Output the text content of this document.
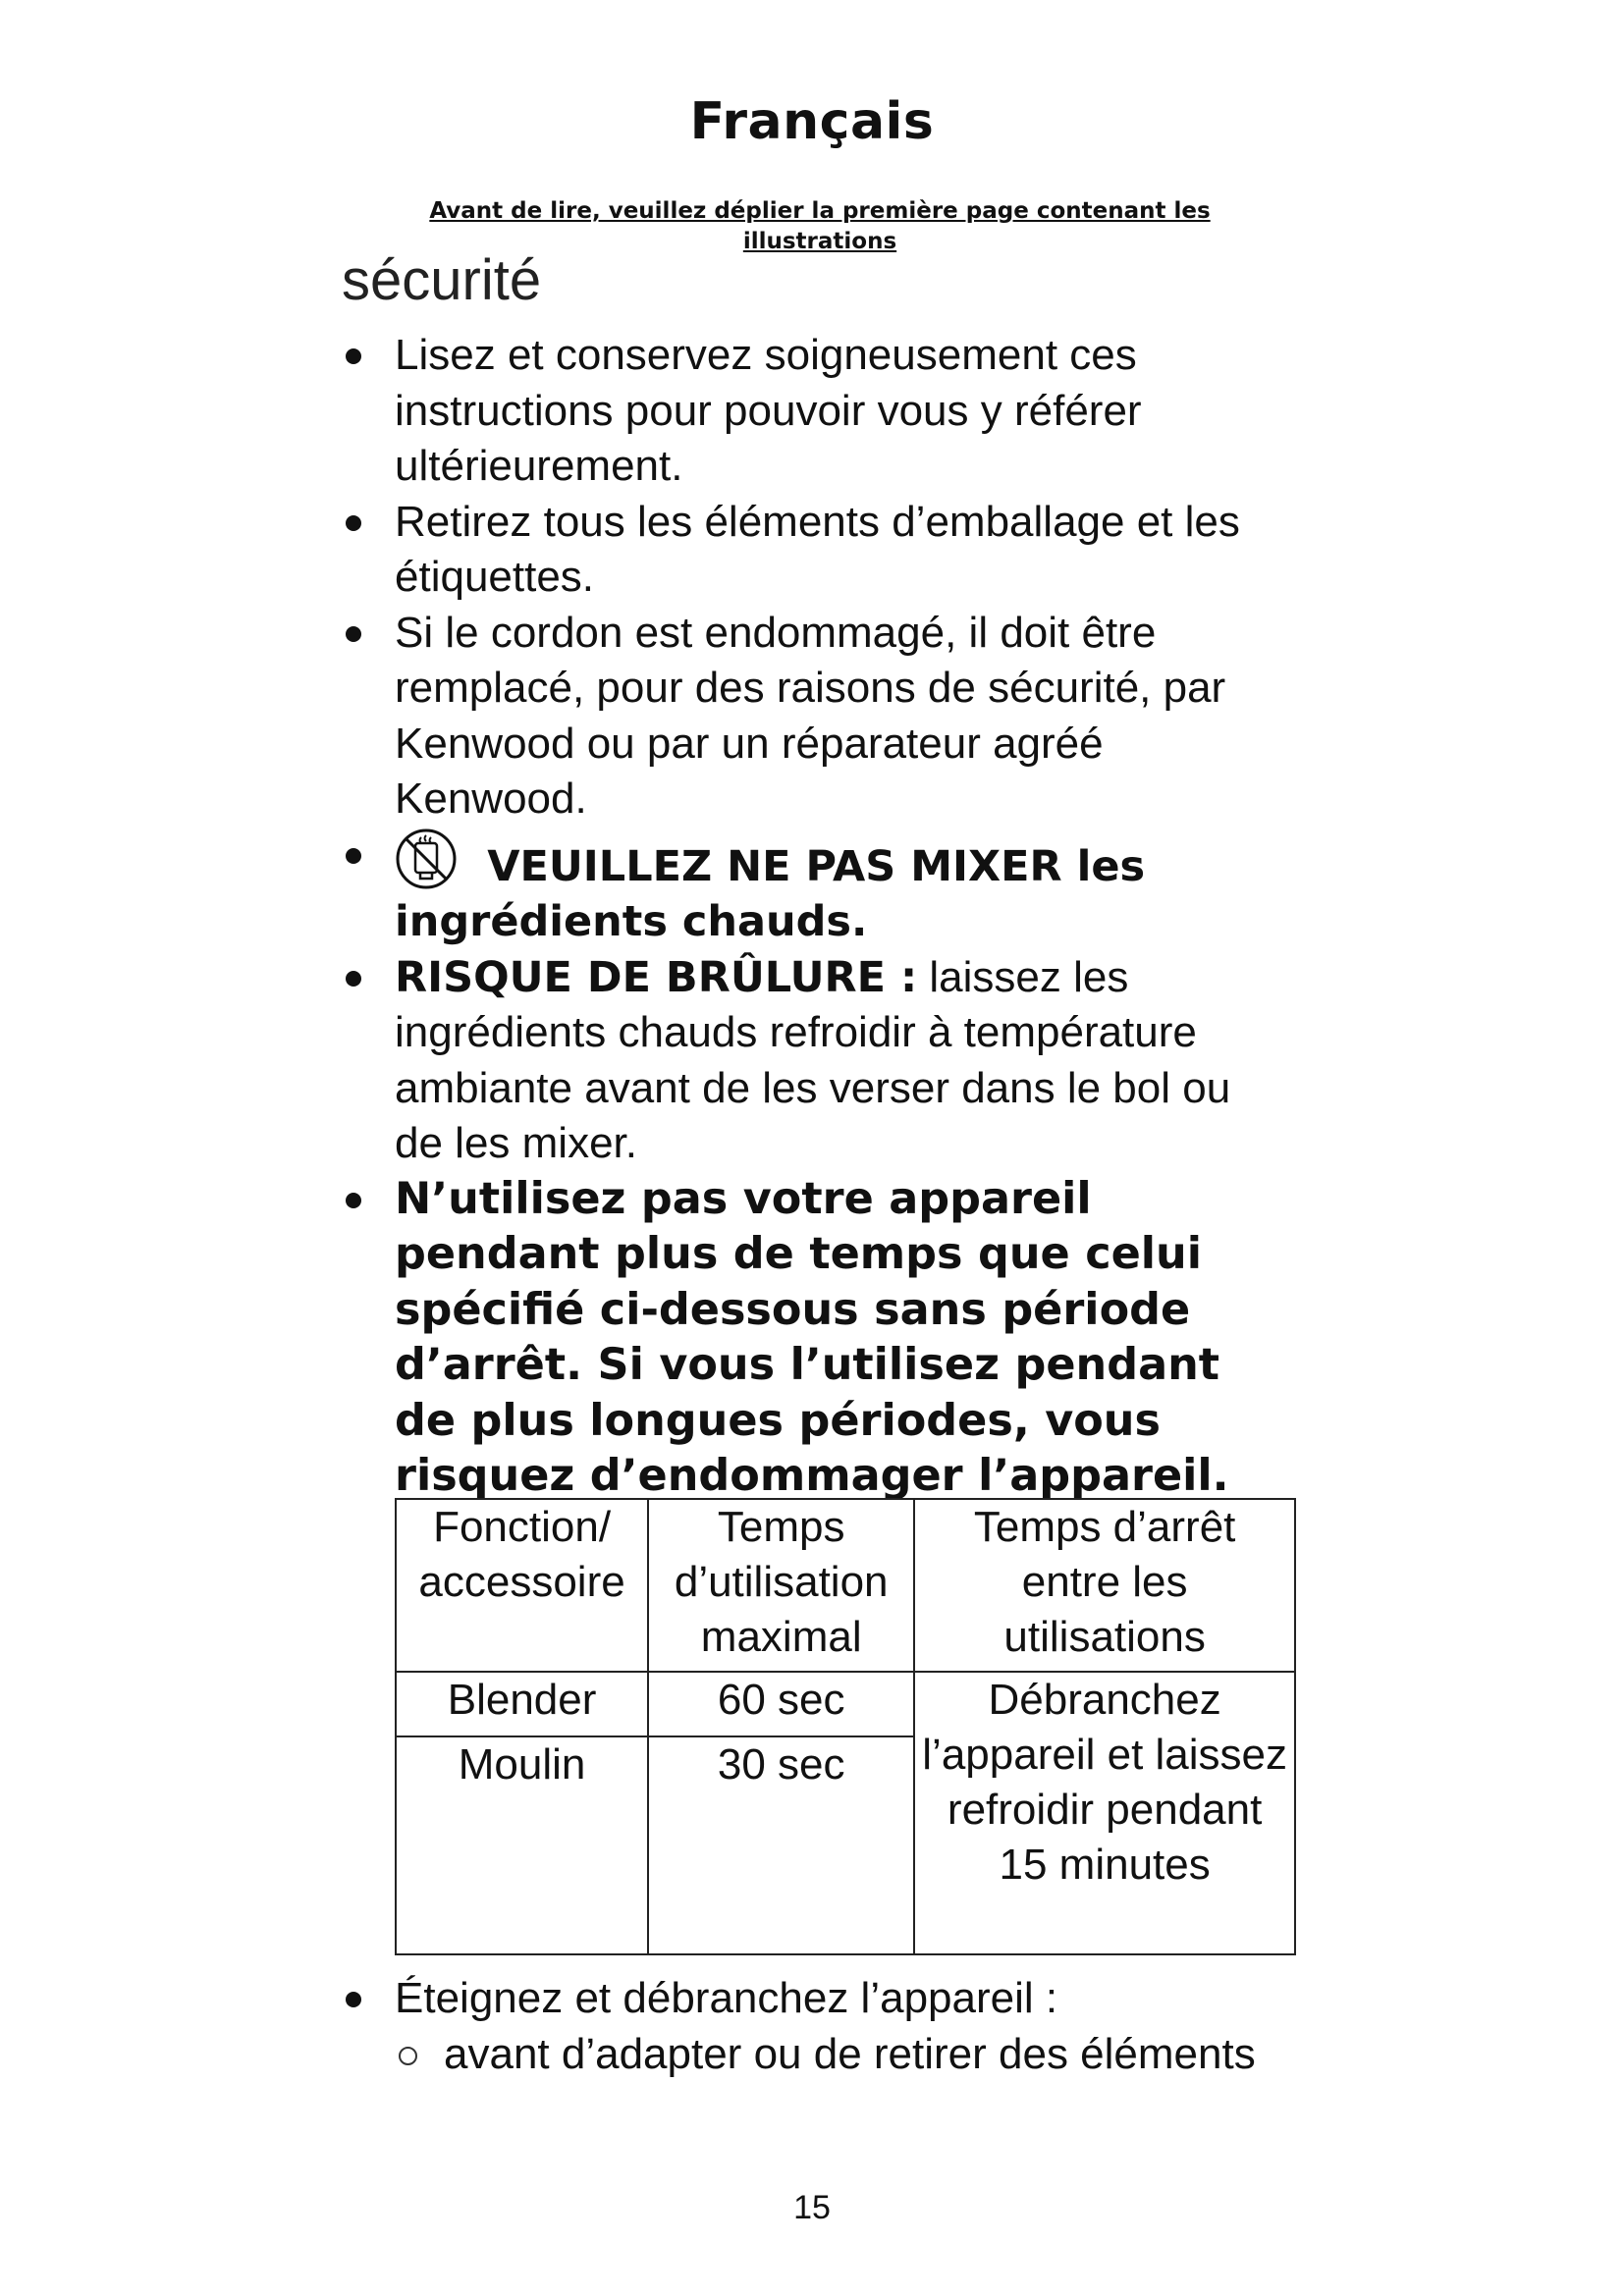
Français
Avant de lire, veuillez déplier la première page contenant les illustrations
sécurité
Lisez et conservez soigneusement ces instructions pour pouvoir vous y référer ultérieurement.
Retirez tous les éléments d’emballage et les étiquettes.
Si le cordon est endommagé, il doit être remplacé, pour des raisons de sécurité, par Kenwood ou par un réparateur agréé Kenwood.
VEUILLEZ NE PAS MIXER les ingrédients chauds.
RISQUE DE BRÛLURE : laissez les ingrédients chauds refroidir à température ambiante avant de les verser dans le bol ou de les mixer.
N’utilisez pas votre appareil pendant plus de temps que celui spécifié ci-dessous sans période d’arrêt. Si vous l’utilisez pendant de plus longues périodes, vous risquez d’endommager l’appareil.
Fonction/ accessoire	Temps d’utilisation maximal	Temps d’arrêt entre les utilisations
Blender	60 sec	Débranchez l’appareil et laissez refroidir pendant 15 minutes
Moulin	30 sec	
Éteignez et débranchez l’appareil :
avant d’adapter ou de retirer des éléments
15
